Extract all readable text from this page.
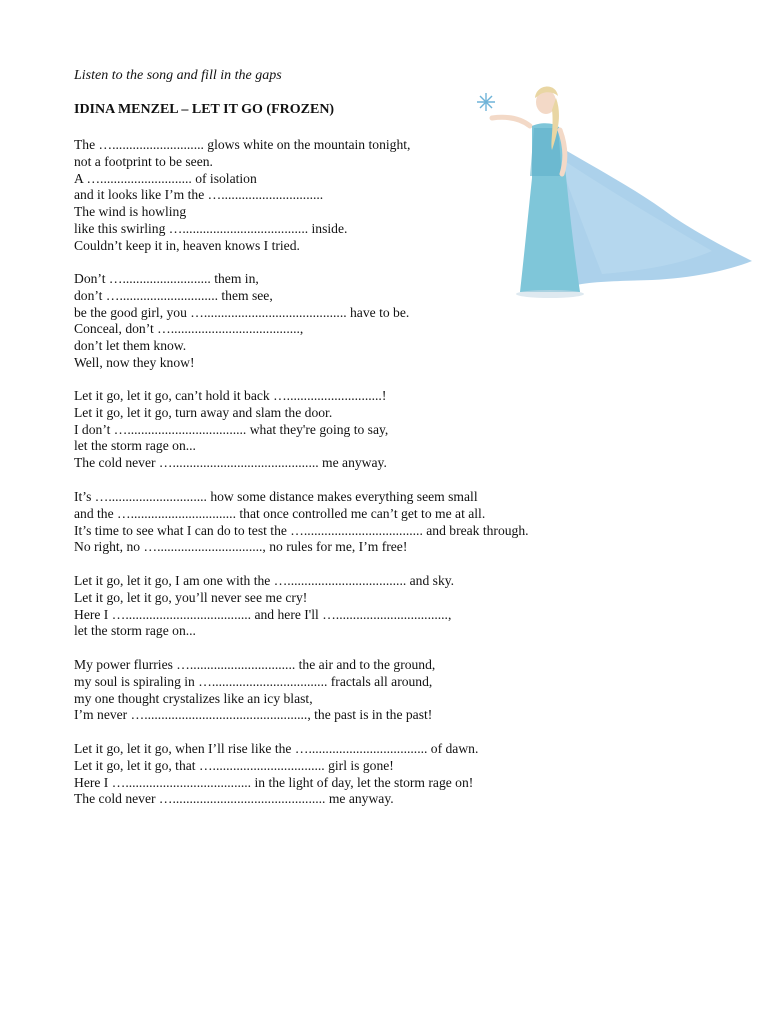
Listen to the song and fill in the gaps
IDINA MENZEL – LET IT GO (FROZEN)
The …........................... glows white on the mountain tonight,
not a footprint to be seen.
A …........................... of isolation
and it looks like I’m the …..............................
The wind is howling
like this swirling …..................................... inside.
Couldn’t keep it in, heaven knows I tried.
Don’t ….......................... them in,
don’t …............................. them see,
be the good girl, you ….......................................... have to be.
Conceal, don’t …......................................,
don’t let them know.
Well, now they know!
Let it go, let it go, can’t hold it back …............................!
Let it go, let it go, turn away and slam the door.
I don’t …................................... what they're going to say,
let the storm rage on...
The cold never …........................................... me anyway.
It’s …............................. how some distance makes everything seem small
and the …............................... that once controlled me can’t get to me at all.
It’s time to see what I can do to test the …................................... and break through.
No right, no …..............................., no rules for me, I’m free!
Let it go, let it go, I am one with the …................................... and sky.
Let it go, let it go, you’ll never see me cry!
Here I …..................................... and here I'll ….................................,
let the storm rage on...
My power flurries …............................... the air and to the ground,
my soul is spiraling in ….................................. fractals all around,
my one thought crystalizes like an icy blast,
I’m never …................................................, the past is in the past!
Let it go, let it go, when I’ll rise like the …................................... of dawn.
Let it go, let it go, that …................................. girl is gone!
Here I …..................................... in the light of day, let the storm rage on!
The cold never …............................................. me anyway.
